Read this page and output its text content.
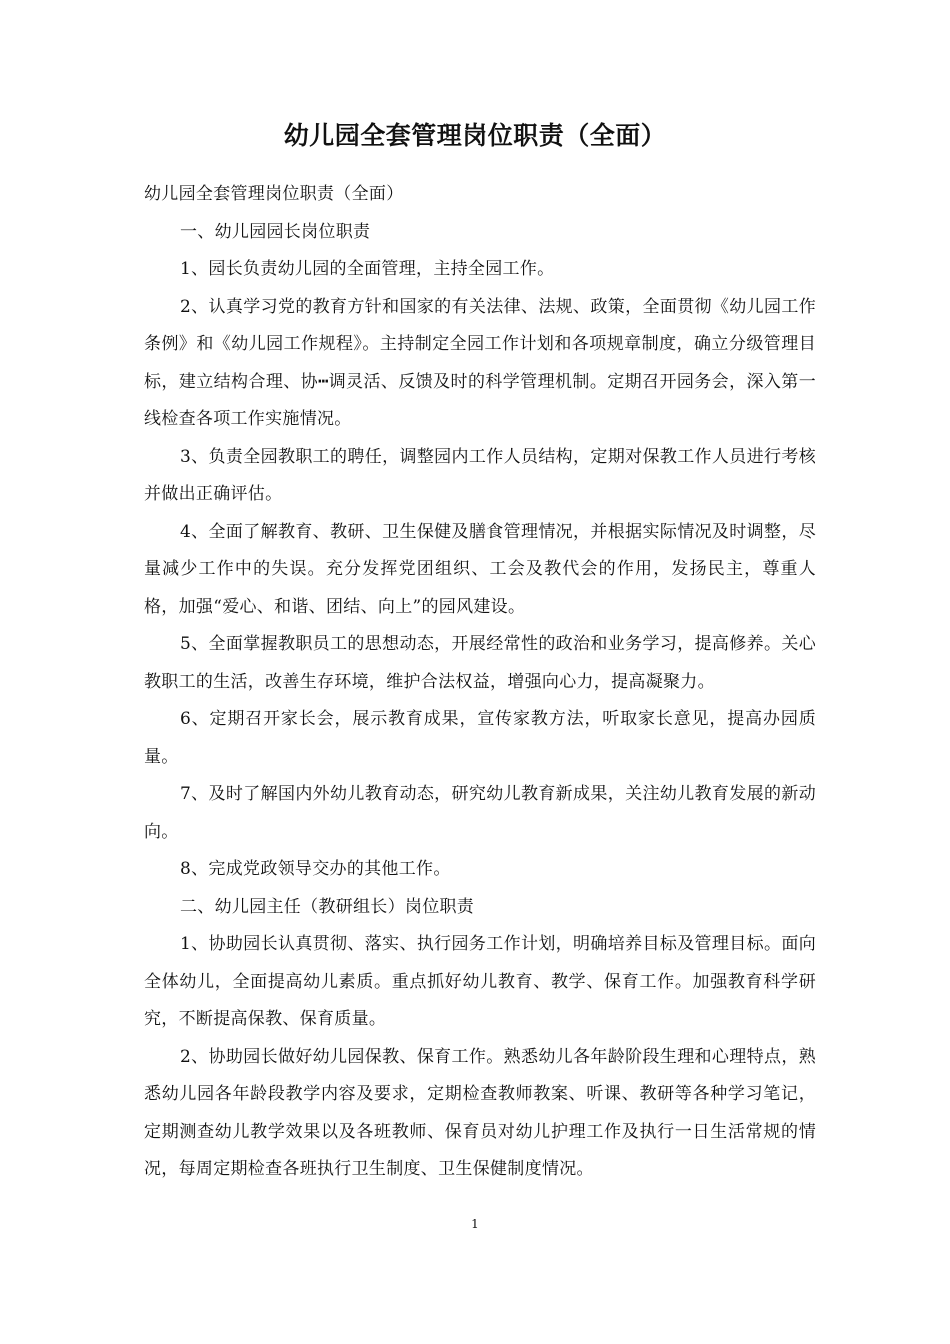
幼儿园全套管理岗位职责（全面）

幼儿园全套管理岗位职责（全面）

一、幼儿园园长岗位职责

1、园长负责幼儿园的全面管理，主持全园工作。

2、认真学习党的教育方针和国家的有关法律、法规、政策，全面贯彻《幼儿园工作条例》和《幼儿园工作规程》。主持制定全园工作计划和各项规章制度，确立分级管理目标，建立结构合理、协┅调灵活、反馈及时的科学管理机制。定期召开园务会，深入第一线检查各项工作实施情况。

3、负责全园教职工的聘任，调整园内工作人员结构，定期对保教工作人员进行考核并做出正确评估。

4、全面了解教育、教研、卫生保健及膳食管理情况，并根据实际情况及时调整，尽量减少工作中的失误。充分发挥党团组织、工会及教代会的作用，发扬民主，尊重人格，加强“爱心、和谐、团结、向上”的园风建设。

5、全面掌握教职员工的思想动态，开展经常性的政治和业务学习，提高修养。关心教职工的生活，改善生存环境，维护合法权益，增强向心力，提高凝聚力。

6、定期召开家长会，展示教育成果，宣传家教方法，听取家长意见，提高办园质量。

7、及时了解国内外幼儿教育动态，研究幼儿教育新成果，关注幼儿教育发展的新动向。

8、完成党政领导交办的其他工作。

二、幼儿园主任（教研组长）岗位职责

1、协助园长认真贯彻、落实、执行园务工作计划，明确培养目标及管理目标。面向全体幼儿，全面提高幼儿素质。重点抓好幼儿教育、教学、保育工作。加强教育科学研究，不断提高保教、保育质量。

2、协助园长做好幼儿园保教、保育工作。熟悉幼儿各年龄阶段生理和心理特点，熟悉幼儿园各年龄段教学内容及要求，定期检查教师教案、听课、教研等各种学习笔记，定期测查幼儿教学效果以及各班教师、保育员对幼儿护理工作及执行一日生活常规的情况，每周定期检查各班执行卫生制度、卫生保健制度情况。

1
